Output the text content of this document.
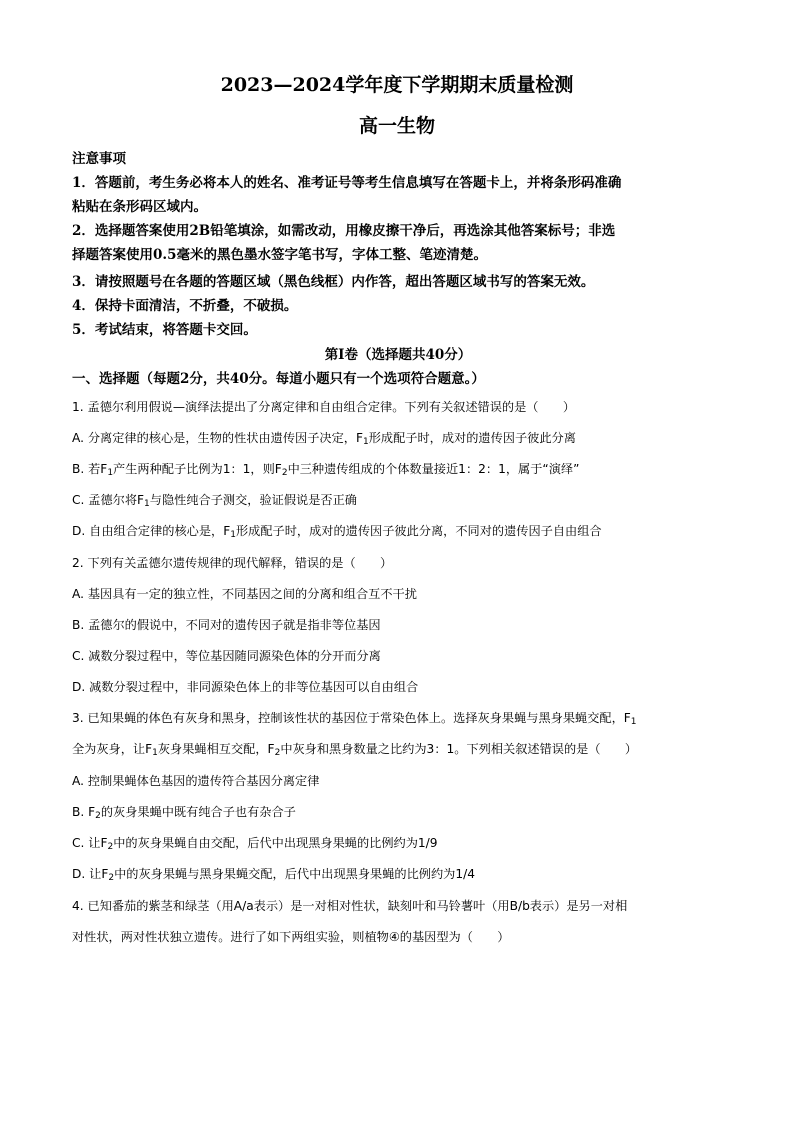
2023—2024学年度下学期期末质量检测
高一生物
注意事项
1．答题前，考生务必将本人的姓名、准考证号等考生信息填写在答题卡上，并将条形码准确
粘贴在条形码区域内。
2．选择题答案使用2B铅笔填涂，如需改动，用橡皮擦干净后，再选涂其他答案标号；非选
择题答案使用0.5毫米的黑色墨水签字笔书写，字体工整、笔迹清楚。
3．请按照题号在各题的答题区域（黑色线框）内作答，超出答题区域书写的答案无效。
4．保持卡面清洁，不折叠，不破损。
5．考试结束，将答题卡交回。
第Ⅰ卷（选择题共40分）
一、选择题（每题2分，共40分。每道小题只有一个选项符合题意。）
1. 孟德尔利用假说—演绎法提出了分离定律和自由组合定律。下列有关叙述错误的是（　　）
A. 分离定律的核心是，生物的性状由遗传因子决定，$F_1$形成配子时，成对的遗传因子彼此分离
B. 若$F_1$产生两种配子比例为1：1，则$F_2$中三种遗传组成的个体数量接近1：2：1，属于“演绎”
C. 孟德尔将$F_1$与隐性纯合子测交，验证假说是否正确
D. 自由组合定律的核心是，$F_1$形成配子时，成对的遗传因子彼此分离，不同对的遗传因子自由组合
2. 下列有关孟德尔遗传规律的现代解释，错误的是（　　）
A. 基因具有一定的独立性，不同基因之间的分离和组合互不干扰
B. 孟德尔的假说中，不同对的遗传因子就是指非等位基因
C. 减数分裂过程中，等位基因随同源染色体的分开而分离
D. 减数分裂过程中，非同源染色体上的非等位基因可以自由组合
3. 已知果蝇的体色有灰身和黑身，控制该性状的基因位于常染色体上。选择灰身果蝇与黑身果蝇交配，$F_1$
全为灰身，让$F_1$灰身果蝇相互交配，$F_2$中灰身和黑身数量之比约为3：1。下列相关叙述错误的是（　　）
A. 控制果蝇体色基因的遗传符合基因分离定律
B. $F_2$的灰身果蝇中既有纯合子也有杂合子
C. 让$F_2$中的灰身果蝇自由交配，后代中出现黑身果蝇的比例约为1/9
D. 让$F_2$中的灰身果蝇与黑身果蝇交配，后代中出现黑身果蝇的比例约为1/4
4. 已知番茄的紫茎和绿茎（用A/a表示）是一对相对性状，缺刻叶和马铃薯叶（用B/b表示）是另一对相
对性状，两对性状独立遗传。进行了如下两组实验，则植物④的基因型为（　　）
